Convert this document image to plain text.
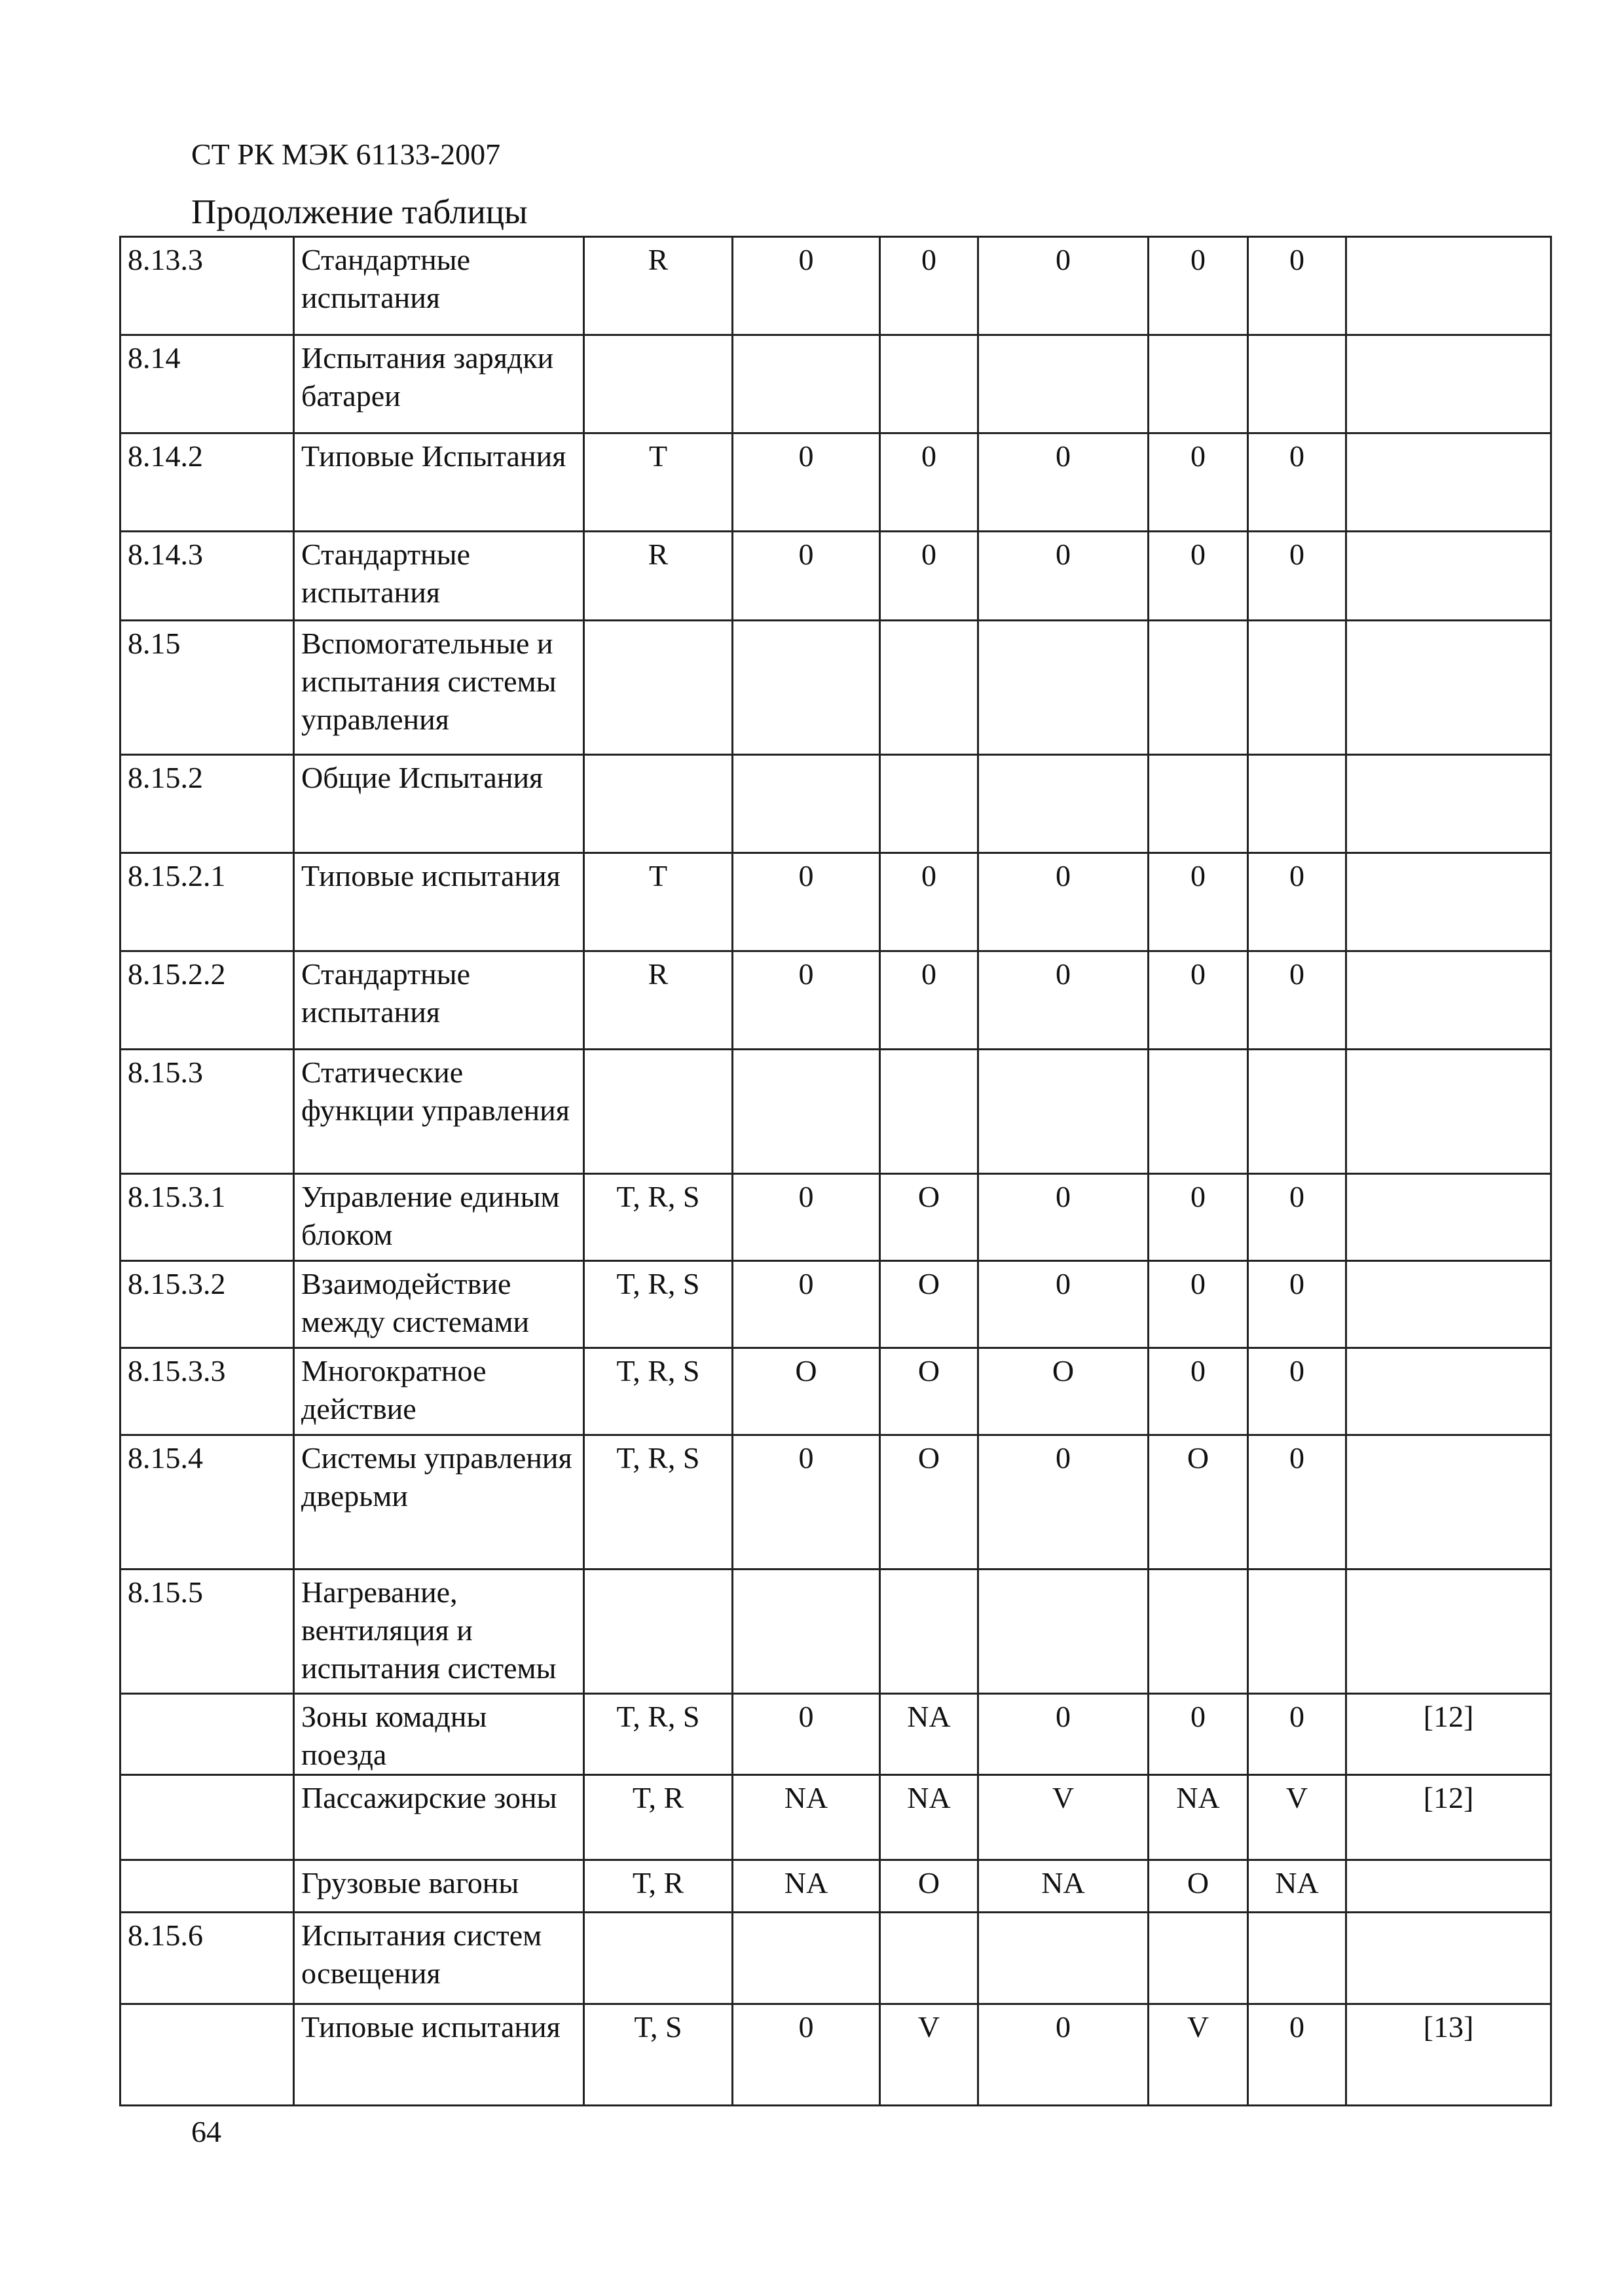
СТ РК МЭК 61133-2007
Продолжение таблицы
8.13.3	Стандартные испытания	R	0	0	0	0	0	
8.14	Испытания зарядки батареи							
8.14.2	Типовые Испытания	T	0	0	0	0	0	
8.14.3	Стандартные испытания	R	0	0	0	0	0	
8.15	Вспомогательные и испытания системы управления							
8.15.2	Общие Испытания							
8.15.2.1	Типовые испытания	T	0	0	0	0	0	
8.15.2.2	Стандартные испытания	R	0	0	0	0	0	
8.15.3	Статические функции управления							
8.15.3.1	Управление единым блоком	T, R, S	0	O	0	0	0	
8.15.3.2	Взаимодействие между системами	T, R, S	0	O	0	0	0	
8.15.3.3	Многократное действие	T, R, S	O	O	O	0	0	
8.15.4	Системы управления дверьми	T, R, S	0	O	0	O	0	
8.15.5	Нагревание, вентиляция и испытания системы							
	Зоны комадны поезда	T, R, S	0	NA	0	0	0	[12]
	Пассажирские зоны	T, R	NA	NA	V	NA	V	[12]
	Грузовые вагоны	T, R	NA	O	NA	O	NA	
8.15.6	Испытания систем освещения							
	Типовые испытания	T, S	0	V	0	V	0	[13]
64
